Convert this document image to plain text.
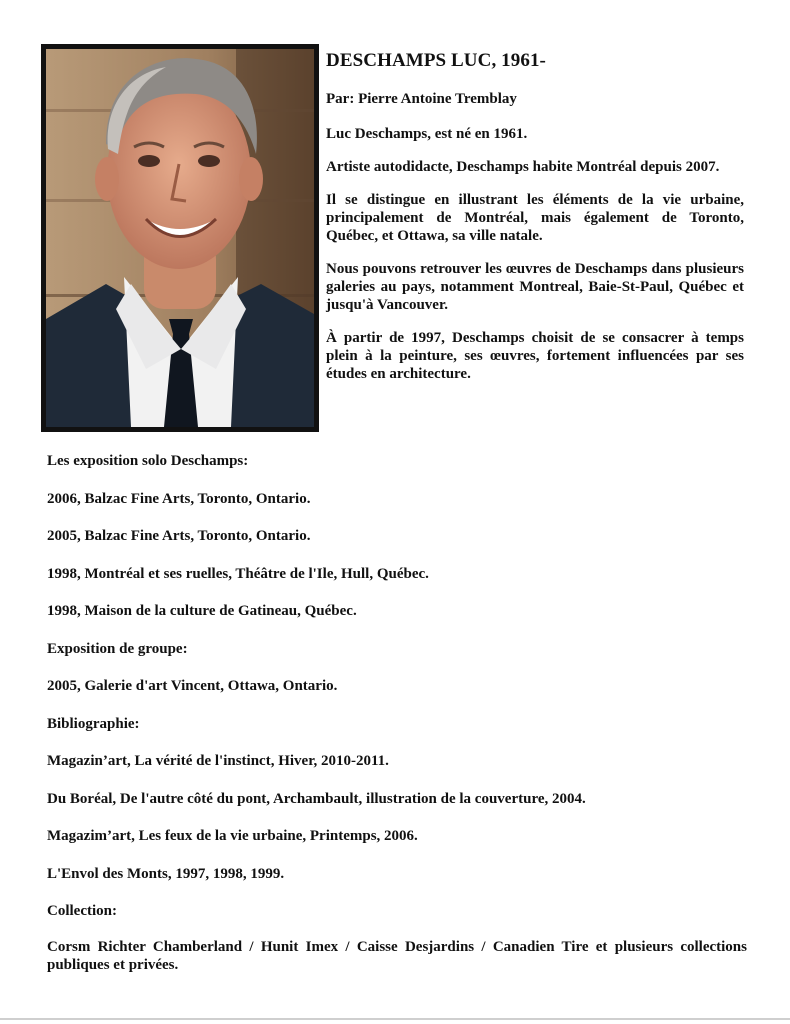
DESCHAMPS LUC, 1961-

Par: Pierre Antoine Tremblay

Luc Deschamps, est né en 1961.

Artiste autodidacte, Deschamps habite Montréal depuis 2007.

Il se distingue en illustrant les éléments de la vie urbaine, principalement de Montréal, mais également de Toronto, Québec, et Ottawa, sa ville natale.

Nous pouvons retrouver les œuvres de Deschamps dans plusieurs galeries au pays, notamment Montreal, Baie-St-Paul, Québec et jusqu'à Vancouver.

À partir de 1997, Deschamps choisit de se consacrer à temps plein à la peinture, ses œuvres, fortement influencées par ses études en architecture.

Les exposition solo Deschamps:

2006, Balzac Fine Arts, Toronto, Ontario.

2005, Balzac Fine Arts, Toronto, Ontario.

1998, Montréal et ses ruelles, Théâtre de l'Ile, Hull, Québec.

1998, Maison de la culture de Gatineau, Québec.

Exposition de groupe:

2005, Galerie d'art Vincent, Ottawa, Ontario.

Bibliographie:

Magazin’art, La vérité de l'instinct, Hiver, 2010-2011.

Du Boréal, De l'autre côté du pont, Archambault, illustration de la couverture, 2004.

Magazim’art, Les feux de la vie urbaine, Printemps, 2006.

L'Envol des Monts, 1997, 1998, 1999.

Collection:

Corsm Richter Chamberland / Hunit Imex / Caisse Desjardins / Canadien Tire et plusieurs collections publiques et privées.
